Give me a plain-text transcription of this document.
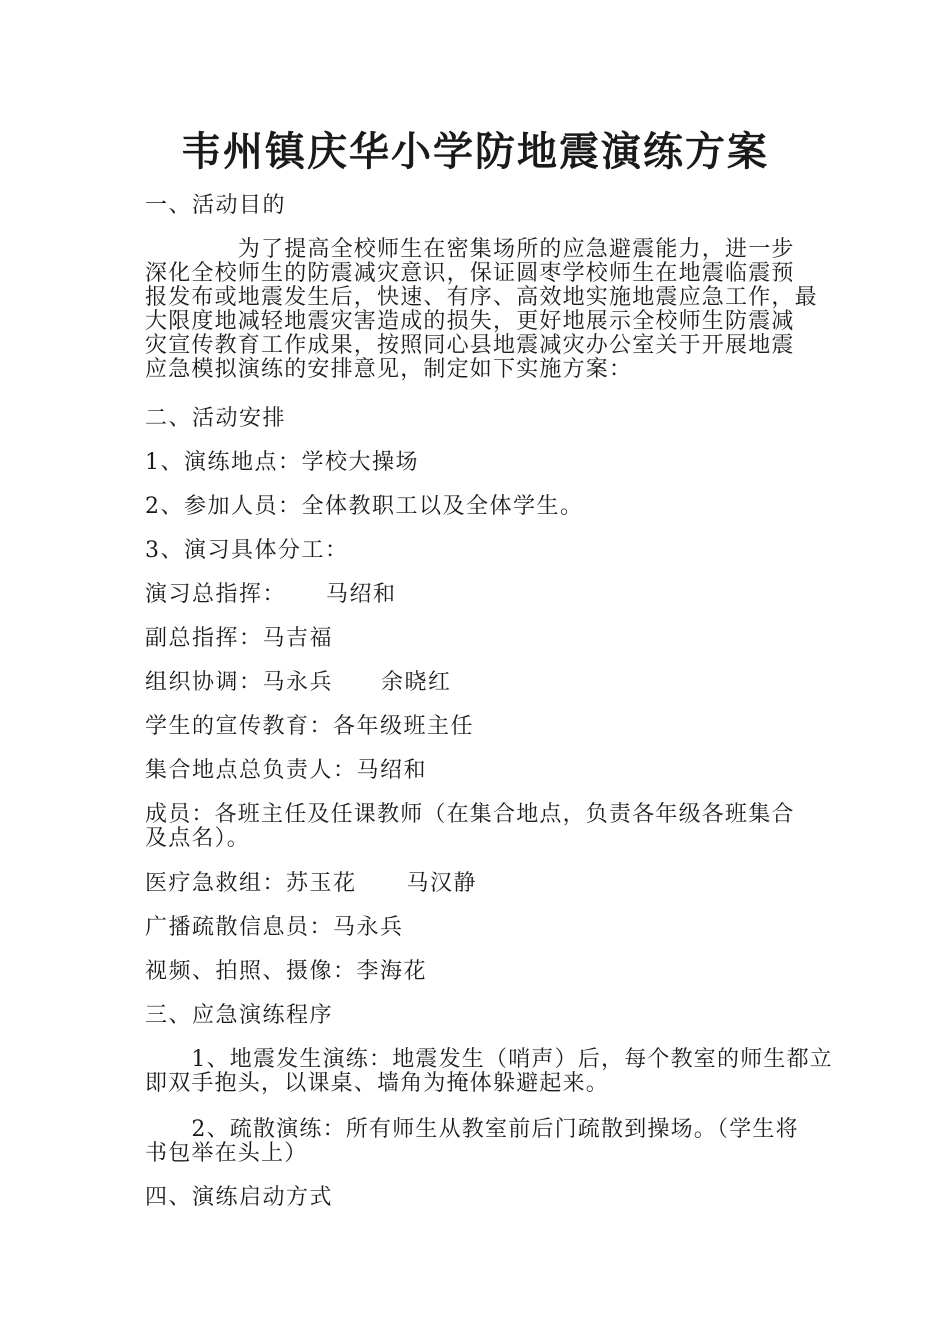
韦州镇庆华小学防地震演练方案
一、活动目的
　　　　为了提高全校师生在密集场所的应急避震能力，进一步
深化全校师生的防震减灾意识，保证圆枣学校师生在地震临震预
报发布或地震发生后，快速、有序、高效地实施地震应急工作，最
大限度地减轻地震灾害造成的损失，更好地展示全校师生防震减
灾宣传教育工作成果，按照同心县地震减灾办公室关于开展地震
应急模拟演练的安排意见，制定如下实施方案：
二、活动安排
1、演练地点：学校大操场
2、参加人员：全体教职工以及全体学生。
3、演习具体分工：
演习总指挥： 马绍和
副总指挥：马吉福
组织协调：马永兵 余晓红
学生的宣传教育：各年级班主任
集合地点总负责人：马绍和
成员：各班主任及任课教师（在集合地点，负责各年级各班集合
及点名）。
医疗急救组：苏玉花 马汉静
广播疏散信息员：马永兵
视频、拍照、摄像：李海花
三、应急演练程序
　　1、地震发生演练：地震发生（哨声）后，每个教室的师生都立
即双手抱头，以课桌、墙角为掩体躲避起来。
　　2、疏散演练：所有师生从教室前后门疏散到操场。（学生将
书包举在头上）
四、演练启动方式
